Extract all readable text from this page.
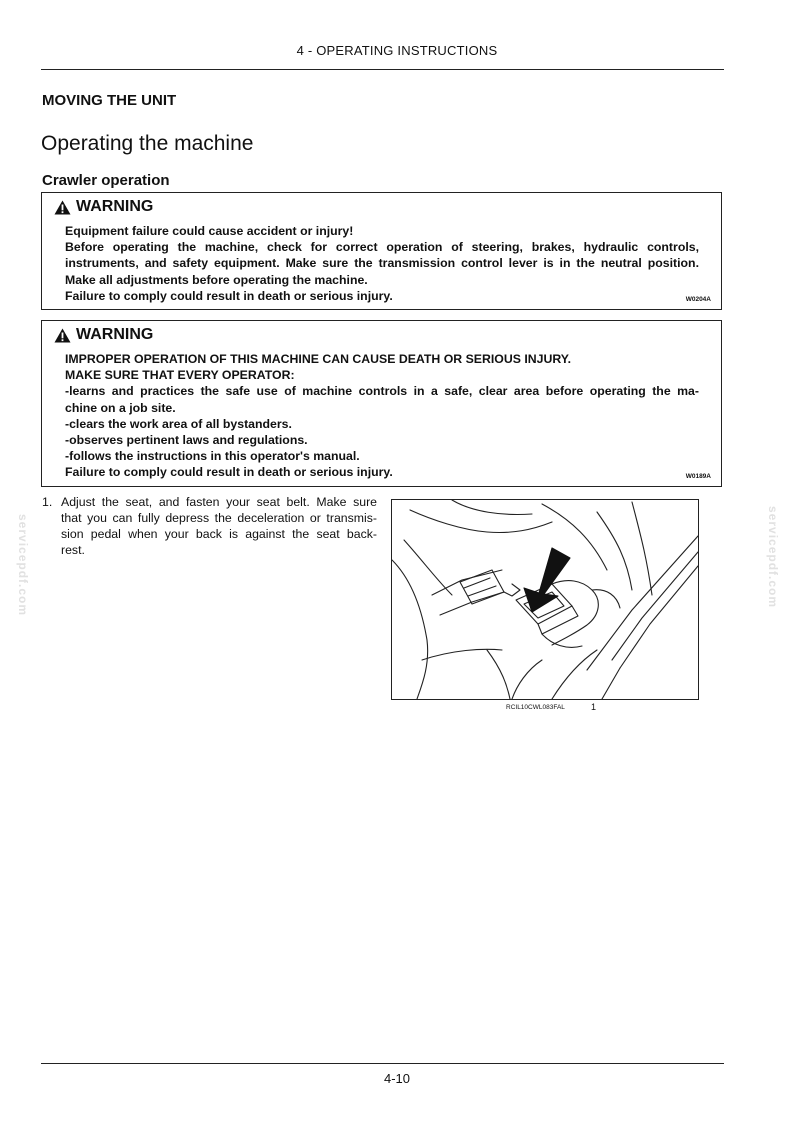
4 - OPERATING INSTRUCTIONS
MOVING THE UNIT
Operating the machine
Crawler operation
WARNING
Equipment failure could cause accident or injury!
Before operating the machine, check for correct operation of steering, brakes, hydraulic controls,
instruments, and safety equipment. Make sure the transmission control lever is in the neutral position.
Make all adjustments before operating the machine.
Failure to comply could result in death or serious injury.	W0204A
WARNING
IMPROPER OPERATION OF THIS MACHINE CAN CAUSE DEATH OR SERIOUS INJURY.
MAKE SURE THAT EVERY OPERATOR:
-learns and practices the safe use of machine controls in a safe, clear area before operating the ma-
chine on a job site.
-clears the work area of all bystanders.
-observes pertinent laws and regulations.
-follows the instructions in this operator's manual.
Failure to comply could result in death or serious injury.	W0189A
1. Adjust the seat, and fasten your seat belt. Make sure
that you can fully depress the deceleration or transmis-
sion pedal when your back is against the seat back-
rest.
RCIL10CWL083FAL	1
servicepdf.com	servicepdf.com
4-10
